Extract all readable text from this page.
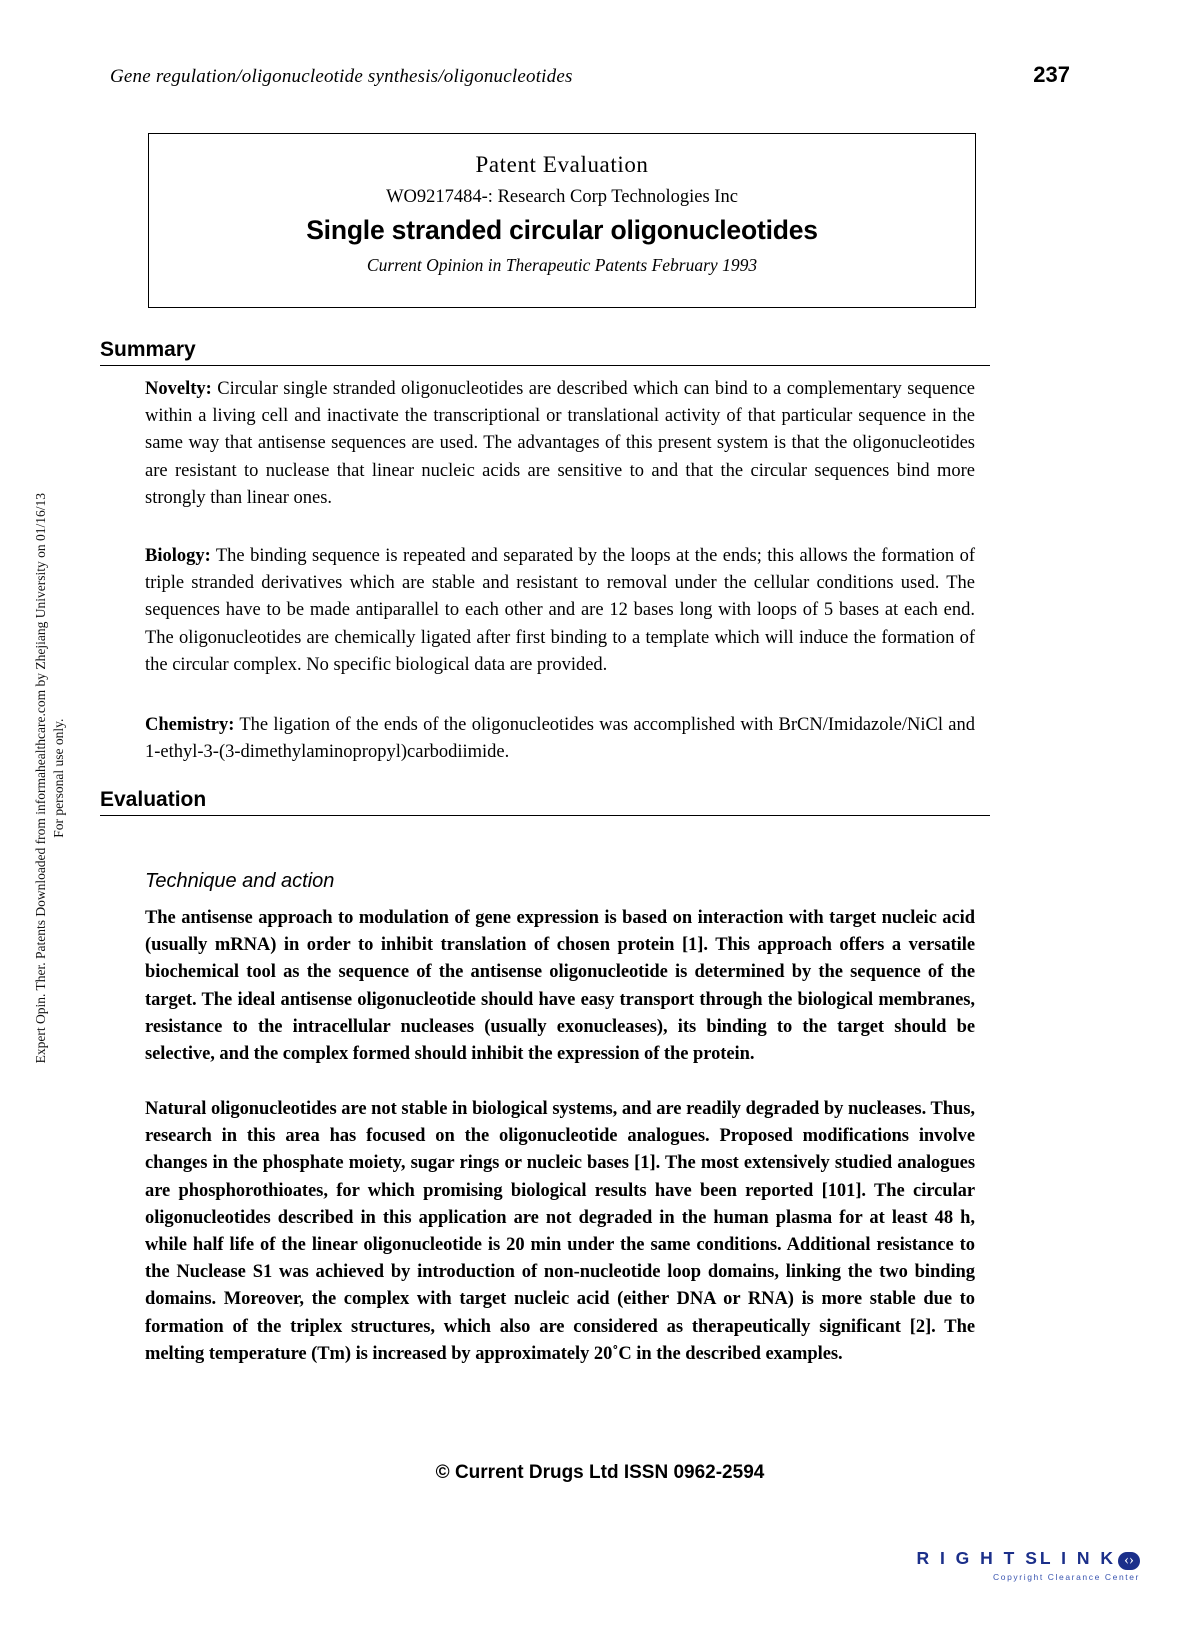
Expert Opin. Ther. Patents Downloaded from informahealthcare.com by Zhejiang University on 01/16/13 For personal use only.
Gene regulation/oligonucleotide synthesis/oligonucleotides	237
Patent Evaluation
WO9217484-: Research Corp Technologies Inc
Single stranded circular oligonucleotides
Current Opinion in Therapeutic Patents February 1993
Summary
Novelty: Circular single stranded oligonucleotides are described which can bind to a complementary sequence within a living cell and inactivate the transcriptional or translational activity of that particular sequence in the same way that antisense sequences are used. The advantages of this present system is that the oligonucleotides are resistant to nuclease that linear nucleic acids are sensitive to and that the circular sequences bind more strongly than linear ones.
Biology: The binding sequence is repeated and separated by the loops at the ends; this allows the formation of triple stranded derivatives which are stable and resistant to removal under the cellular conditions used. The sequences have to be made antiparallel to each other and are 12 bases long with loops of 5 bases at each end. The oligonucleotides are chemically ligated after first binding to a template which will induce the formation of the circular complex. No specific biological data are provided.
Chemistry: The ligation of the ends of the oligonucleotides was accomplished with BrCN/Imidazole/NiCl and 1-ethyl-3-(3-dimethylaminopropyl)carbodiimide.
Evaluation
Technique and action
The antisense approach to modulation of gene expression is based on interaction with target nucleic acid (usually mRNA) in order to inhibit translation of chosen protein [1]. This approach offers a versatile biochemical tool as the sequence of the antisense oligonucleotide is determined by the sequence of the target. The ideal antisense oligonucleotide should have easy transport through the biological membranes, resistance to the intracellular nucleases (usually exonucleases), its binding to the target should be selective, and the complex formed should inhibit the expression of the protein.
Natural oligonucleotides are not stable in biological systems, and are readily degraded by nucleases. Thus, research in this area has focused on the oligonucleotide analogues. Proposed modifications involve changes in the phosphate moiety, sugar rings or nucleic bases [1]. The most extensively studied analogues are phosphorothioates, for which promising biological results have been reported [101]. The circular oligonucleotides described in this application are not degraded in the human plasma for at least 48 h, while half life of the linear oligonucleotide is 20 min under the same conditions. Additional resistance to the Nuclease S1 was achieved by introduction of non-nucleotide loop domains, linking the two binding domains. Moreover, the complex with target nucleic acid (either DNA or RNA) is more stable due to formation of the triplex structures, which also are considered as therapeutically significant [2]. The melting temperature (Tm) is increased by approximately 20˚C in the described examples.
© Current Drugs Ltd ISSN 0962-2594
R I G H T SL I N K ‹›
Copyright Clearance Center
